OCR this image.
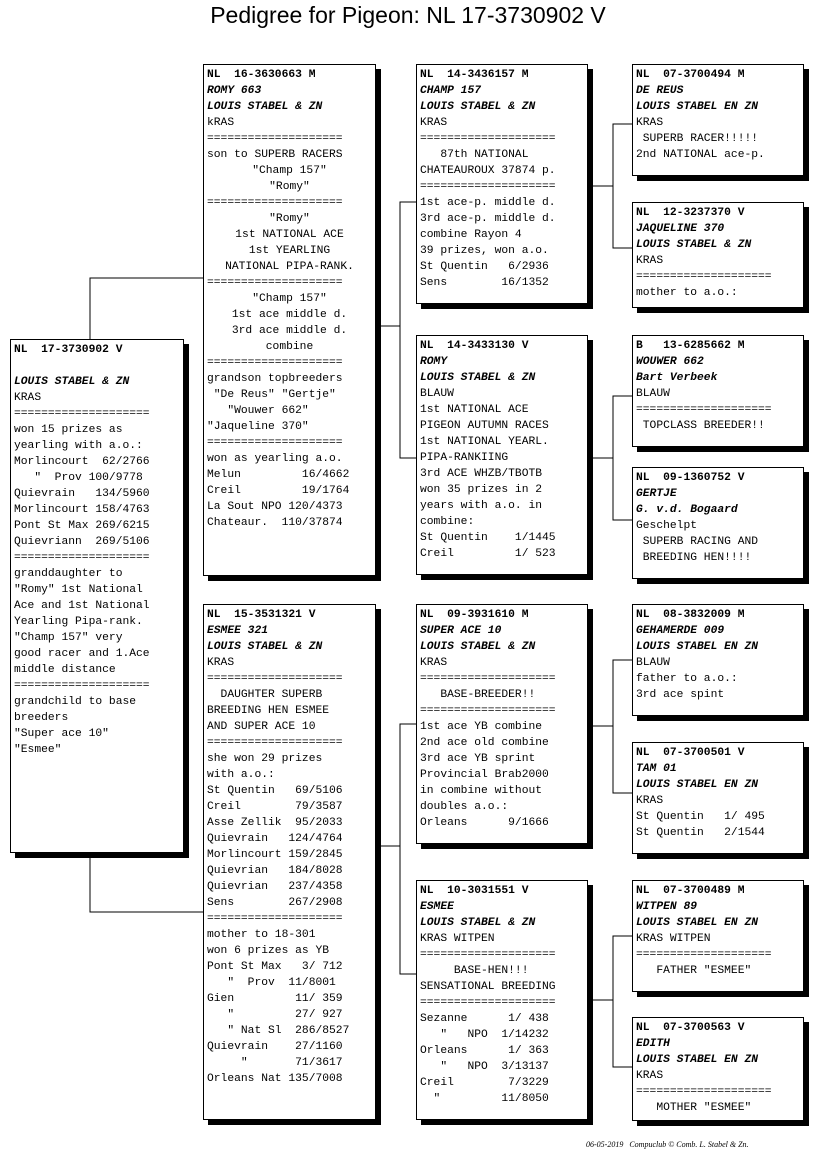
Pedigree for Pigeon: NL 17-3730902 V
NL  17-3730902 V
LOUIS STABEL & ZN
KRAS
====================
won 15 prizes as
yearling with a.o.:
Morlincourt  62/2766
"  Prov 100/9778
Quievrain   134/5960
Morlincourt 158/4763
Pont St Max 269/6215
Quievriann  269/5106
====================
granddaughter to
"Romy" 1st National
Ace and 1st National
Yearling Pipa-rank.
"Champ 157" very
good racer and 1.Ace
middle distance
====================
grandchild to base
breeders
"Super ace 10"
"Esmee"
NL  16-3630663 M
ROMY 663
LOUIS STABEL & ZN
kRAS
====================
son to SUPERB RACERS
"Champ 157"
"Romy"
====================
"Romy"
1st NATIONAL ACE
1st YEARLING
NATIONAL PIPA-RANK.
====================
"Champ 157"
1st ace middle d.
3rd ace middle d.
combine
====================
grandson topbreeders
"De Reus" "Gertje"
"Wouwer 662"
"Jaqueline 370"
====================
won as yearling a.o.
Melun         16/4662
Creil         19/1764
La Sout NPO 120/4373
Chateaur.  110/37874
NL  15-3531321 V
ESMEE 321
LOUIS STABEL & ZN
KRAS
====================
DAUGHTER SUPERB
BREEDING HEN ESMEE
AND SUPER ACE 10
====================
she won 29 prizes
with a.o.:
St Quentin   69/5106
Creil        79/3587
Asse Zellik  95/2033
Quievrain   124/4764
Morlincourt 159/2845
Quievrian   184/8028
Quievrian   237/4358
Sens        267/2908
====================
mother to 18-301
won 6 prizes as YB
Pont St Max   3/ 712
"  Prov  11/8001
Gien         11/ 359
"         27/ 927
" Nat Sl  286/8527
Quievrain    27/1160
"       71/3617
Orleans Nat 135/7008
NL  14-3436157 M
CHAMP 157
LOUIS STABEL & ZN
KRAS
====================
87th NATIONAL
CHATEAUROUX 37874 p.
====================
1st ace-p. middle d.
3rd ace-p. middle d.
combine Rayon 4
39 prizes, won a.o.
St Quentin   6/2936
Sens        16/1352
NL  14-3433130 V
ROMY
LOUIS STABEL & ZN
BLAUW
1st NATIONAL ACE
PIGEON AUTUMN RACES
1st NATIONAL YEARL.
PIPA-RANKIING
3rd ACE WHZB/TBOTB
won 35 prizes in 2
years with a.o. in
combine:
St Quentin    1/1445
Creil         1/ 523
NL  09-3931610 M
SUPER ACE 10
LOUIS STABEL & ZN
KRAS
====================
BASE-BREEDER!!
====================
1st ace YB combine
2nd ace old combine
3rd ace YB sprint
Provincial Brab2000
in combine without
doubles a.o.:
Orleans      9/1666
NL  10-3031551 V
ESMEE
LOUIS STABEL & ZN
KRAS WITPEN
====================
BASE-HEN!!!
SENSATIONAL BREEDING
====================
Sezanne      1/ 438
"   NPO  1/14232
Orleans      1/ 363
"   NPO  3/13137
Creil        7/3229
"         11/8050
NL  07-3700494 M
DE REUS
LOUIS STABEL EN ZN
KRAS
SUPERB RACER!!!!!
2nd NATIONAL ace-p.
NL  12-3237370 V
JAQUELINE 370
LOUIS STABEL & ZN
KRAS
====================
mother to a.o.:
B   13-6285662 M
WOUWER 662
Bart Verbeek
BLAUW
====================
TOPCLASS BREEDER!!
NL  09-1360752 V
GERTJE
G. v.d. Bogaard
Geschelpt
SUPERB RACING AND
BREEDING HEN!!!!
NL  08-3832009 M
GEHAMERDE 009
LOUIS STABEL EN ZN
BLAUW
father to a.o.:
3rd ace spint
NL  07-3700501 V
TAM 01
LOUIS STABEL EN ZN
KRAS
St Quentin   1/ 495
St Quentin   2/1544
NL  07-3700489 M
WITPEN 89
LOUIS STABEL EN ZN
KRAS WITPEN
====================
FATHER "ESMEE"
NL  07-3700563 V
EDITH
LOUIS STABEL EN ZN
KRAS
====================
MOTHER "ESMEE"
06-05-2019   Compuclub © Comb. L. Stabel & Zn.
